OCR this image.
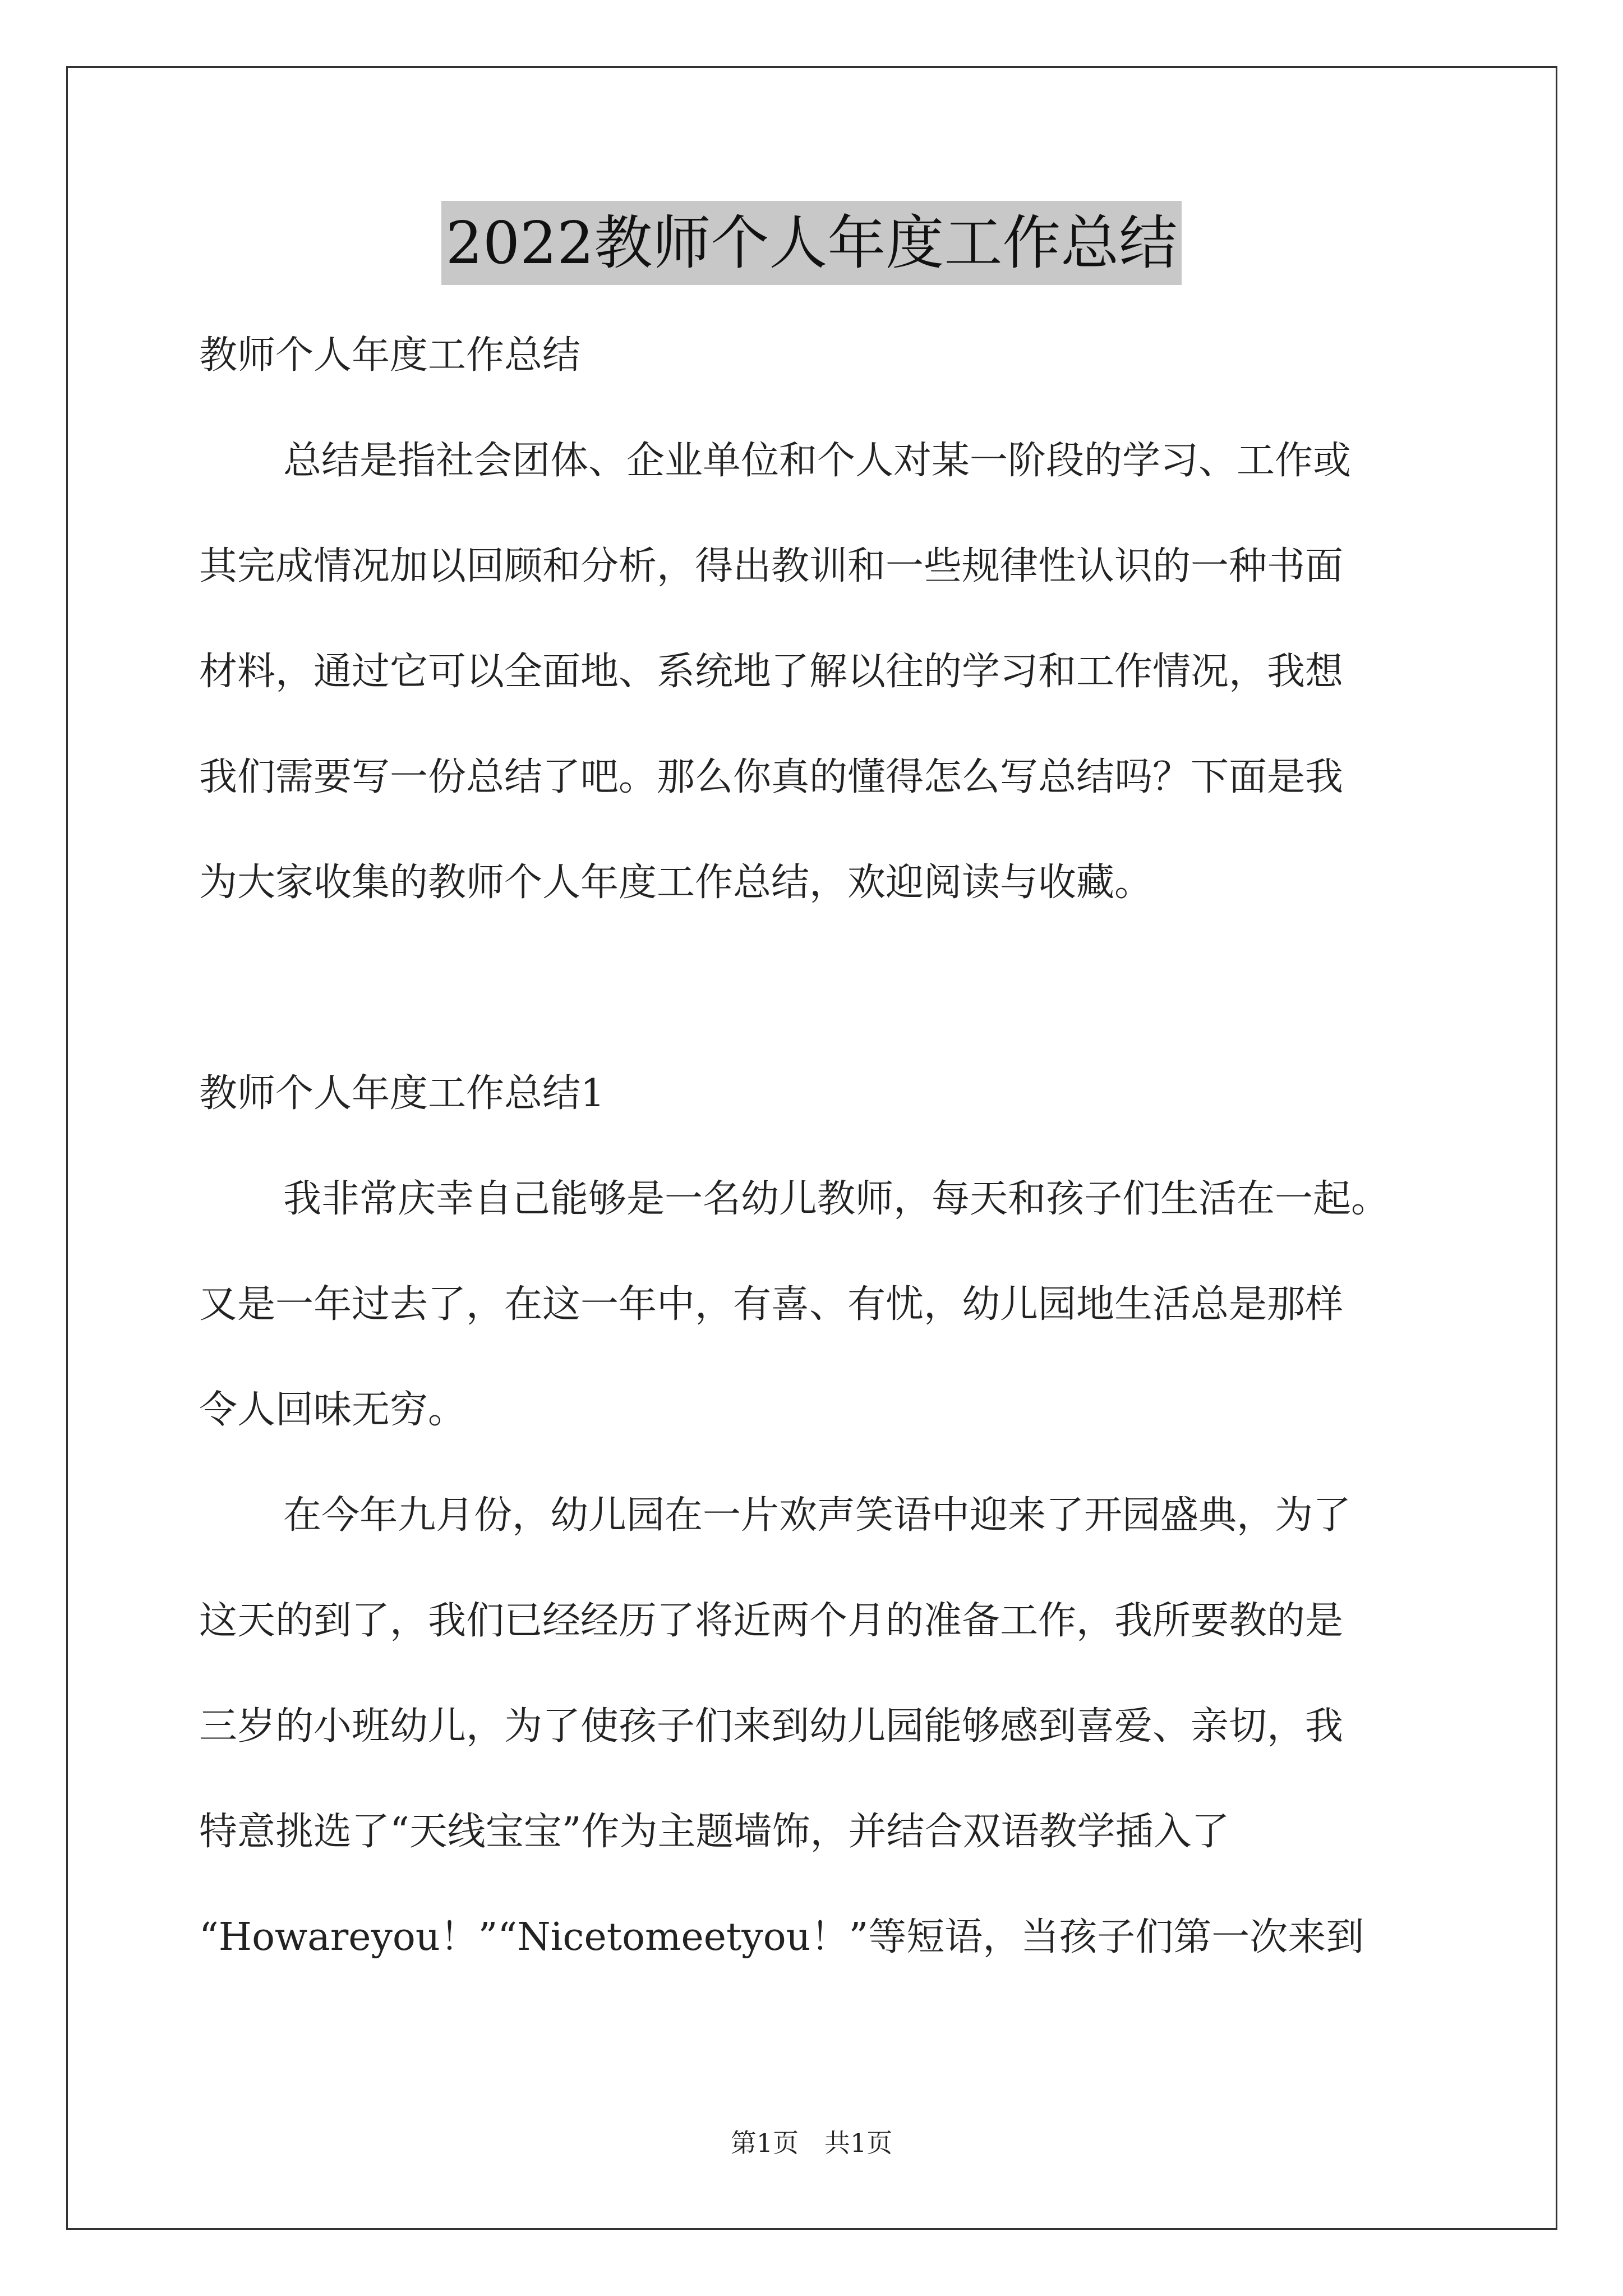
2022教师个人年度工作总结
教师个人年度工作总结
总结是指社会团体、企业单位和个人对某一阶段的学习、工作或
其完成情况加以回顾和分析，得出教训和一些规律性认识的一种书面
材料，通过它可以全面地、系统地了解以往的学习和工作情况，我想
我们需要写一份总结了吧。那么你真的懂得怎么写总结吗？下面是我
为大家收集的教师个人年度工作总结，欢迎阅读与收藏。
教师个人年度工作总结1
我非常庆幸自己能够是一名幼儿教师，每天和孩子们生活在一起。
又是一年过去了，在这一年中，有喜、有忧，幼儿园地生活总是那样
令人回味无穷。
在今年九月份，幼儿园在一片欢声笑语中迎来了开园盛典，为了
这天的到了，我们已经经历了将近两个月的准备工作，我所要教的是
三岁的小班幼儿，为了使孩子们来到幼儿园能够感到喜爱、亲切，我
特意挑选了“天线宝宝”作为主题墙饰，并结合双语教学插入了
“Howareyou！”“Nicetomeetyou！”等短语，当孩子们第一次来到
第1页　共1页
